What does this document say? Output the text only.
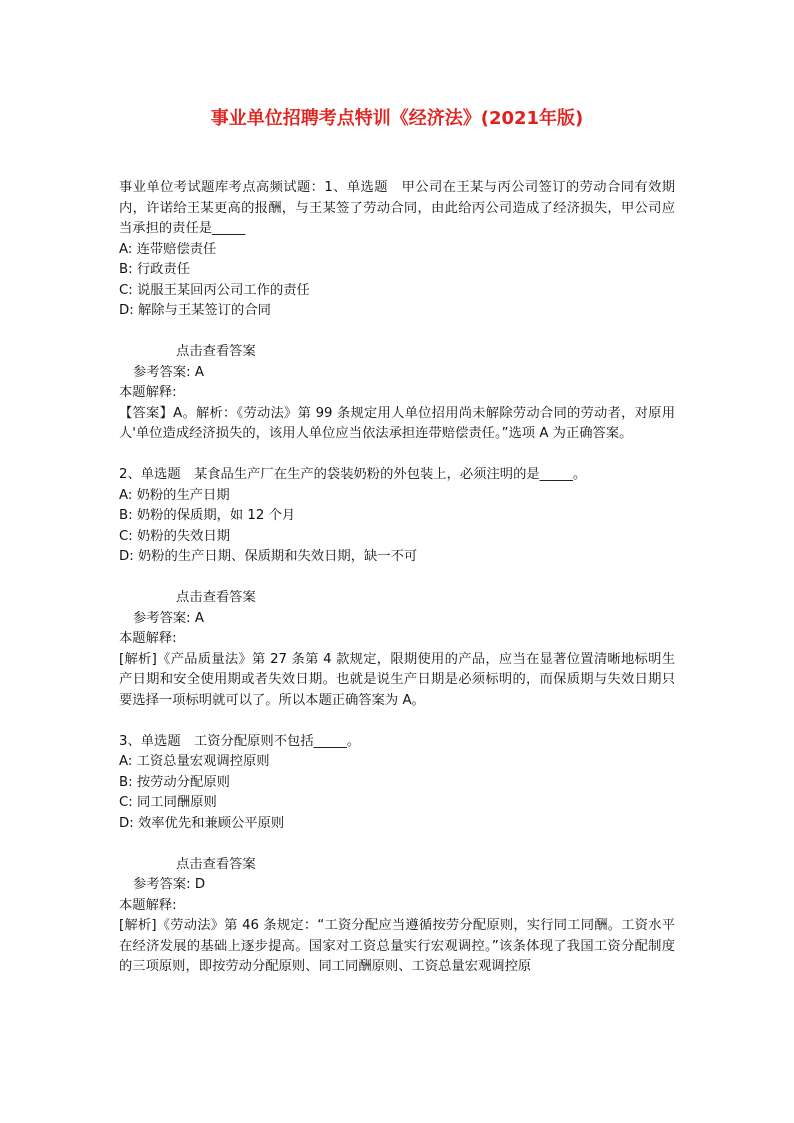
事业单位招聘考点特训《经济法》(2021年版)

事业单位考试题库考点高频试题：1、单选题　甲公司在王某与丙公司签订的劳动合同有效期内，许诺给王某更高的报酬，与王某签了劳动合同，由此给丙公司造成了经济损失，甲公司应当承担的责任是_____

A: 连带赔偿责任

B: 行政责任

C: 说服王某回丙公司工作的责任

D: 解除与王某签订的合同

点击查看答案

参考答案: A

本题解释:

【答案】A。解析：《劳动法》第 99 条规定用人单位招用尚未解除劳动合同的劳动者，对原用人'单位造成经济损失的，该用人单位应当依法承担连带赔偿责任。”选项 A 为正确答案。

2、单选题　某食品生产厂在生产的袋装奶粉的外包装上，必须注明的是_____。

A: 奶粉的生产日期

B: 奶粉的保质期，如 12 个月

C: 奶粉的失效日期

D: 奶粉的生产日期、保质期和失效日期，缺一不可

点击查看答案

参考答案: A

本题解释:

[解析]《产品质量法》第 27 条第 4 款规定，限期使用的产品，应当在显著位置清晰地标明生产日期和安全使用期或者失效日期。也就是说生产日期是必须标明的，而保质期与失效日期只要选择一项标明就可以了。所以本题正确答案为 A。

3、单选题　工资分配原则不包括_____。

A: 工资总量宏观调控原则

B: 按劳动分配原则

C: 同工同酬原则

D: 效率优先和兼顾公平原则

点击查看答案

参考答案: D

本题解释:

[解析]《劳动法》第 46 条规定：“工资分配应当遵循按劳分配原则，实行同工同酬。工资水平在经济发展的基础上逐步提高。国家对工资总量实行宏观调控。”该条体现了我国工资分配制度的三项原则，即按劳动分配原则、同工同酬原则、工资总量宏观调控原
